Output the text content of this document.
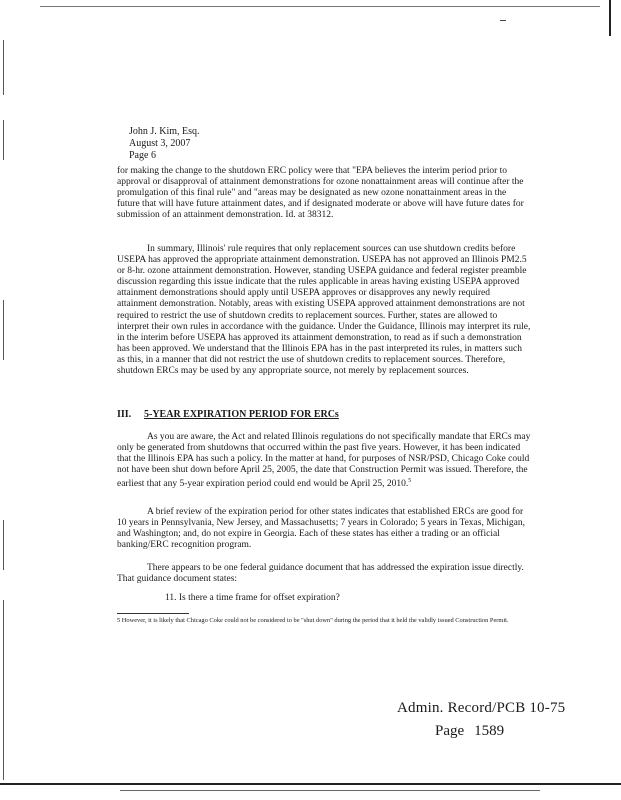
John J. Kim, Esq.
August 3, 2007
Page 6

for making the change to the shutdown ERC policy were that "EPA believes the interim period prior to approval or disapproval of attainment demonstrations for ozone nonattainment areas will continue after the promulgation of this final rule" and "areas may be designated as new ozone nonattainment areas in the future that will have future attainment dates, and if designated moderate or above will have future dates for submission of an attainment demonstration. Id. at 38312.

In summary, Illinois' rule requires that only replacement sources can use shutdown credits before USEPA has approved the appropriate attainment demonstration. USEPA has not approved an Illinois PM2.5 or 8-hr. ozone attainment demonstration. However, standing USEPA guidance and federal register preamble discussion regarding this issue indicate that the rules applicable in areas having existing USEPA approved attainment demonstrations should apply until USEPA approves or disapproves any newly required attainment demonstration. Notably, areas with existing USEPA approved attainment demonstrations are not required to restrict the use of shutdown credits to replacement sources. Further, states are allowed to interpret their own rules in accordance with the guidance. Under the Guidance, Illinois may interpret its rule, in the interim before USEPA has approved its attainment demonstration, to read as if such a demonstration has been approved. We understand that the Illinois EPA has in the past interpreted its rules, in matters such as this, in a manner that did not restrict the use of shutdown credits to replacement sources. Therefore, shutdown ERCs may be used by any appropriate source, not merely by replacement sources.

III. 5-YEAR EXPIRATION PERIOD FOR ERCs

As you are aware, the Act and related Illinois regulations do not specifically mandate that ERCs may only be generated from shutdowns that occurred within the past five years. However, it has been indicated that the Illinois EPA has such a policy. In the matter at hand, for purposes of NSR/PSD, Chicago Coke could not have been shut down before April 25, 2005, the date that Construction Permit was issued. Therefore, the earliest that any 5-year expiration period could end would be April 25, 2010.$^5$

A brief review of the expiration period for other states indicates that established ERCs are good for 10 years in Pennsylvania, New Jersey, and Massachusetts; 7 years in Colorado; 5 years in Texas, Michigan, and Washington; and, do not expire in Georgia. Each of these states has either a trading or an official banking/ERC recognition program.

There appears to be one federal guidance document that has addressed the expiration issue directly. That guidance document states:

11. Is there a time frame for offset expiration?

5 However, it is likely that Chicago Coke could not be considered to be "shut down" during the period that it held the validly issued Construction Permit.

Admin. Record/PCB 10-75
Page 1589
